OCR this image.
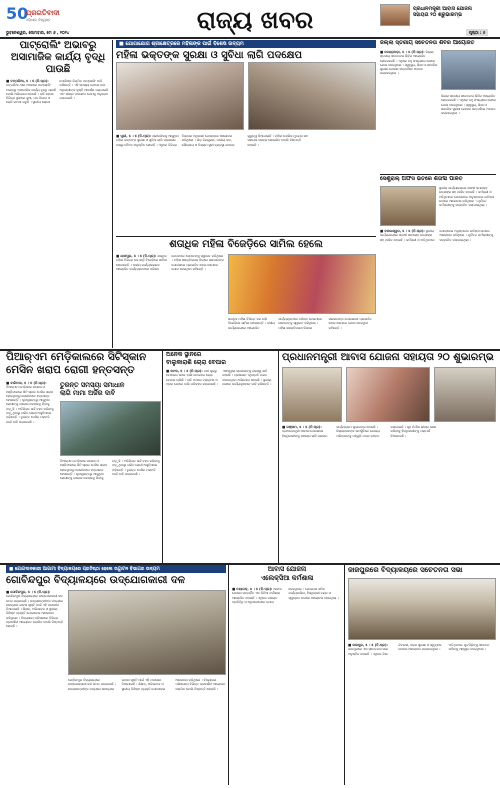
50
ପ୍ରଗତିବାଦୀ
ଓଡ଼ିଶାର ବିଶ୍ୱସ୍ତ
ଭୁବନେଶ୍ୱର, ସୋମବାର, ମେ ୬ , ୨୦୨୪	ରାଜ୍ୟ ଖବର	ପ୍ରଧାନମନ୍ତ୍ରୀ ଆବାସ ଯୋଜନା
ସହାୟତା ୨୦ ଶ୍ରୁଭାରମ୍ଭ
ପୃଷ୍ଠା : ୫
ପାଟ୍ରୋଲିଂ ଅଭାବରୁ
ଅସାମାଜିକ କାର୍ଯ୍ୟ ବୃଦ୍ଧି ପାଉଛି
■ ତତ୍ପରିଆ, ୫ । ୫ (ନି.ପ୍ର): ତତ୍ପରିଆ ଥାନା ଅଞ୍ଚଳରେ ପାଟ୍ରୋଲିଂ ଅଭାବରୁ ଅସାମାଜିକ କାର୍ଯ୍ୟ ବୃଦ୍ଧି ପାଉଛି ବୋଲି ଅଭିଯୋଗ ହୋଇଛି । ରାତି ହେଲେ ବିଭିନ୍ନ ସ୍ଥାନରେ ଜୁଆ, ମଦ ପିଇବା ଓ ଚୋରି ଘଟଣା ଘଟୁଛି । ସ୍ଥାନୀୟ ଲୋକେ ପୋଲିସର ନିୟମିତ ପାଟ୍ରୋଲିଂ ଦାବି କରିଛନ୍ତି । ଏହି ସମସ୍ୟା ଉପରେ ଉଚ୍ଚ ଅଧିକାରୀଙ୍କ ଦୃଷ୍ଟି ଆକର୍ଷଣ କରାଯାଇଛି ଏବଂ ଶୀଘ୍ର ପଦକ୍ଷେପ ନେବାକୁ ଅନୁରୋଧ କରାଯାଇଛି ।
■ ଯୋଗାଯୋଗ ଶ୍ରୀକ୍ଷେତ୍ରରେ ମହିଳାଙ୍କ ପାଇଁ ବିଶେଷ ଉଦ୍ୟମ
ମହିଳା ଭକ୍ତଙ୍କ ସୁରକ୍ଷା ଓ ସୁବିଧା ଲାଗି ପଦକ୍ଷେପ
■ ପୁରୀ, ୫ । ୫ (ନି.ପ୍ର): ଶ୍ରୀମନ୍ଦିରକୁ ଆସୁଥିବା ମହିଳା ଭକ୍ତଙ୍କ ସୁରକ୍ଷା ଓ ସୁବିଧା ଲାଗି ପ୍ରଶାସନ ପକ୍ଷରୁ ବୈଠକ ଅନୁଷ୍ଠିତ ହୋଇଛି । ଏଥିରେ ବିଭିନ୍ନ ବିଭାଗର ଅଧିକାରୀ ଯୋଗଦେଇ ଆଲୋଚନା କରିଥିଲେ । ଭିଡ଼ ନିୟନ୍ତ୍ରଣ, ପାନୀୟ ଜଳ, ଶୌଚାଳୟ ଓ ବିଶ୍ରାମ ସ୍ଥଳୀ ବ୍ୟବସ୍ଥା ଉପରେ ଗୁରୁତ୍ୱ ଦିଆଯାଇଛି । ମହିଳା ପୋଲିସ ମୁତୟନ ସହ ସହାୟତା କେନ୍ଦ୍ର ଖୋଲାଯିବ ବୋଲି ନିଷ୍ପତ୍ତି ହୋଇଛି ।
ଜିଲ୍ଲା ସ୍ତରୀୟ ସଚେତନତା ଶିବିର ଆୟୋଜିତ
■ କେନ୍ଦ୍ରାପଡ଼ା, ୫ । ୫ (ନି.ପ୍ର): ଜିଲ୍ଲା ସ୍ତରୀୟ ସଚେତନତା ଶିବିର ଆୟୋଜିତ ହୋଇଯାଇଛି । ଏଥିରେ ବହୁ ସଂଖ୍ୟାରେ ଲୋକେ ଯୋଗ ଦେଇଥିଲେ । ସ୍ୱାସ୍ଥ୍ୟ, ଶିକ୍ଷା ଓ ସାମାଜିକ ସୁରକ୍ଷା ଯୋଜନା ସମ୍ପର୍କରେ ଅବଗତ କରାଯାଇଥିଲା ।
ଜିଲ୍ଲା ସ୍ତରୀୟ ସଚେତନତା ଶିବିର ଆୟୋଜିତ ହୋଇଯାଇଛି । ଏଥିରେ ବହୁ ସଂଖ୍ୟାରେ ଲୋକେ ଯୋଗ ଦେଇଥିଲେ । ସ୍ୱାସ୍ଥ୍ୟ, ଶିକ୍ଷା ଓ ସାମାଜିକ ସୁରକ୍ଷା ଯୋଜନା ସମ୍ପର୍କରେ ଅବଗତ କରାଯାଇଥିଲା ।
ସେଣ୍ଟ୍ରାଲ୍ ଅଫିସ ଭିତରେ ଶତାବ୍ଦୀ ପାଳିତ
■ ବାଲେଶ୍ୱର, ୫ । ୫ (ନି.ପ୍ର): ସ୍ଥାନୀୟ କାର୍ଯ୍ୟାଳୟରେ ଶତାବ୍ଦୀ ସମାରୋହ ଉତ୍ସାହର ସହ ପାଳିତ ହୋଇଛି । କର୍ମଚାରୀ ଓ ଅତିଥିମାନେ ଯୋଗଦେଇ ଅନୁଷ୍ଠାନର ଇତିହାସ ଉପରେ ଆଲୋଚନା କରିଥିଲେ । ପୂର୍ବତନ କର୍ମଚାରୀଙ୍କୁ ସମ୍ମାନିତ କରାଯାଇଥିଲା ।
ସ୍ଥାନୀୟ କାର୍ଯ୍ୟାଳୟରେ ଶତାବ୍ଦୀ ସମାରୋହ ଉତ୍ସାହର ସହ ପାଳିତ ହୋଇଛି । କର୍ମଚାରୀ ଓ ଅତିଥିମାନେ ଯୋଗଦେଇ ଅନୁଷ୍ଠାନର ଇତିହାସ ଉପରେ ଆଲୋଚନା କରିଥିଲେ । ପୂର୍ବତନ କର୍ମଚାରୀଙ୍କୁ ସମ୍ମାନିତ କରାଯାଇଥିଲା ।
ଶତାଧିକ ମହିଳା ବିଜେଡ଼ିରେ ସାମିଲ ହେଲେ
■ ଯାଜପୁର, ୫ । ୫ (ନି.ପ୍ର): ଶତାଧିକ ମହିଳା ବିଭିନ୍ନ ଦଳ ଛାଡ଼ି ବିଜେଡ଼ିରେ ସାମିଲ ହୋଇଛନ୍ତି । ଦଳୀୟ କାର୍ଯ୍ୟାଳୟରେ ଆୟୋଜିତ କାର୍ଯ୍ୟକ୍ରମରେ ବରିଷ୍ଠ ନେତାମାନେ ସେମାନଙ୍କୁ ସ୍ୱାଗତ କରିଥିଲେ । ମହିଳା ସଶକ୍ତିକରଣ ଦିଗରେ ସରକାରଙ୍କ ଯୋଜନାରେ ପ୍ରଭାବିତ ହୋଇ ସେମାନେ ଯୋଗ ଦେଇଥିବା କହିଛନ୍ତି ।
ଶତାଧିକ ମହିଳା ବିଭିନ୍ନ ଦଳ ଛାଡ଼ି ବିଜେଡ଼ିରେ ସାମିଲ ହୋଇଛନ୍ତି । ଦଳୀୟ କାର୍ଯ୍ୟାଳୟରେ ଆୟୋଜିତ କାର୍ଯ୍ୟକ୍ରମରେ ବରିଷ୍ଠ ନେତାମାନେ ସେମାନଙ୍କୁ ସ୍ୱାଗତ କରିଥିଲେ । ମହିଳା ସଶକ୍ତିକରଣ ଦିଗରେ ସରକାରଙ୍କ ଯୋଜନାରେ ପ୍ରଭାବିତ ହୋଇ ସେମାନେ ଯୋଗ ଦେଇଥିବା କହିଛନ୍ତି ।
ପିଆର୍‌ଏମ ମେଡ଼ିକାଲରେ ସିଟିସ୍କାନ
ମେସିନ ଖରାପ ରୋଗୀ ହନ୍ତସନ୍ତ
■ ବାରିପଦା, ୫ । ୫ (ନି.ପ୍ର): ପିଆର୍‌ଏମ ମେଡ଼ିକାଲ କଲେଜ ଓ ହସ୍ପିଟାଲରେ ସିଟି ସ୍କାନ ମେସିନ ଖରାପ ହୋଇଥିବାରୁ ରୋଗୀମାନେ ହନ୍ତସନ୍ତ ହେଉଛନ୍ତି । ଦୂରଦୂରାନ୍ତରୁ ଆସୁଥିବା ରୋଗୀଙ୍କୁ ଘରୋଇ କେନ୍ଦ୍ରକୁ ଯିବାକୁ ପଡ଼ୁଛି । ଅତିରିକ୍ତ ଖର୍ଚ୍ଚ ବହନ କରିବାକୁ ପଡ଼ୁଥିବାରୁ ଗରିବ ରୋଗୀ ଅସୁବିଧାରେ ପଡ଼ିଛନ୍ତି । ତୁରନ୍ତ ମେସିନ ମରାମତି ପାଇଁ ଦାବି କରାଯାଇଛି ।
ତୁରନ୍ତ ସମସ୍ୟା ସମାଧାନ
ଲାଗି ମାମା ଅର୍ଜିର ଦାବି
ପିଆର୍‌ଏମ ମେଡ଼ିକାଲ କଲେଜ ଓ ହସ୍ପିଟାଲରେ ସିଟି ସ୍କାନ ମେସିନ ଖରାପ ହୋଇଥିବାରୁ ରୋଗୀମାନେ ହନ୍ତସନ୍ତ ହେଉଛନ୍ତି । ଦୂରଦୂରାନ୍ତରୁ ଆସୁଥିବା ରୋଗୀଙ୍କୁ ଘରୋଇ କେନ୍ଦ୍ରକୁ ଯିବାକୁ ପଡ଼ୁଛି । ଅତିରିକ୍ତ ଖର୍ଚ୍ଚ ବହନ କରିବାକୁ ପଡ଼ୁଥିବାରୁ ଗରିବ ରୋଗୀ ଅସୁବିଧାରେ ପଡ଼ିଛନ୍ତି । ତୁରନ୍ତ ମେସିନ ମରାମତି ପାଇଁ ଦାବି କରାଯାଇଛି ।
ଅନେକ ସ୍ଥାନରେ
ବାଲୁକାରାଶି ଚୋରା ବେପାର
■ କଟକ, ୫ । ୫ (ନି.ପ୍ର): ନଦୀ କୂଳରୁ ବେଆଇନ ଭାବେ ବାଲି ଉଠାଯାଇ ଚୋରା ବେପାର ଚାଲିଛି । ରାତି ଅଧରେ ଟ୍ରାକ୍ଟର ଓ ଟ୍ରକ ଯୋଗେ ବାଲି ପରିବହନ କରାଯାଉଛି । ଏହାଦ୍ୱାରା ସରକାରଙ୍କୁ ରାଜସ୍ୱ କ୍ଷତି ହେଉଛି । ପ୍ରଶାସନ ଏଥିପ୍ରତି ନଜର ଦେଉନଥିବା ଅଭିଯୋଗ ହୋଇଛି । ସ୍ଥାନୀୟ ଲୋକେ କାର୍ଯ୍ୟାନୁଷ୍ଠାନ ଦାବି କରିଛନ୍ତି ।
ପ୍ରଧାନମନ୍ତ୍ରୀ ଆବାସ ଯୋଜନା ସହାୟତା ୨୦ ଶୁଭାରମ୍ଭ
■ ଗଞ୍ଜାମ, ୫ । ୫ (ନି.ପ୍ର): ପ୍ରଧାନମନ୍ତ୍ରୀ ଆବାସ ଯୋଜନାରେ ହିତାଧିକାରୀଙ୍କୁ ସହାୟତା ରାଶି ପ୍ରଦାନ କାର୍ଯ୍ୟକ୍ରମ ଶୁଭାରମ୍ଭ ହୋଇଛି । ଜିଲ୍ଲାପାଳଙ୍କ ଉପସ୍ଥିତିରେ ଯୋଗ୍ୟ ପରିବାରଙ୍କୁ ମଞ୍ଜୁରି ପତ୍ର ବଣ୍ଟନ କରାଯାଇଛି । ଗୃହ ନିର୍ମାଣ ଶୀଘ୍ର ଶେଷ କରିବାକୁ ହିତାଧିକାରୀଙ୍କୁ ପରାମର୍ଶ ଦିଆଯାଇଛି ।
■ ଯୋଗଦାନକାରୀ ଆଗାମୀ ବିଦ୍ୟାଳୟରେ ପ୍ରତିଷ୍ଠା ହେଲେ ଉଦ୍ଘାଟନ ବିଭାଗର ଉଦ୍ୟମ
ଗୋବିନ୍ଦପୁର ବିଦ୍ୟାଳୟରେ ଉଦ୍‌ଯୋଗକାରୀ ଦଳ
■ ଗୋବିନ୍ଦପୁର, ୫ । ୫ (ନି.ପ୍ର): ଗୋବିନ୍ଦପୁର ବିଦ୍ୟାଳୟରେ ଉଦ୍‌ଯୋଗକାରୀ ଦଳ ଗଠନ କରାଯାଇଛି । ଛାତ୍ରଛାତ୍ରୀଙ୍କ ମଧ୍ୟରେ ଉଦ୍ୟୋଗ ଭାବନା ସୃଷ୍ଟି ପାଇଁ ଏହି ପଦକ୍ଷେପ ନିଆଯାଇଛି । ଶିକ୍ଷକ, ଅଭିଭାବକ ଓ ସ୍ଥାନୀୟ ବିଶିଷ୍ଟ ବ୍ୟକ୍ତି ଯୋଗଦେଇ ଆଲୋଚନା କରିଥିଲେ । ବିଦ୍ୟାଳୟ ପରିସରରେ ବିଭିନ୍ନ ପ୍ରଦର୍ଶନୀ ଆୟୋଜନ କରାଯିବ ବୋଲି ନିଷ୍ପତ୍ତି ହୋଇଛି ।
ଗୋବିନ୍ଦପୁର ବିଦ୍ୟାଳୟରେ ଉଦ୍‌ଯୋଗକାରୀ ଦଳ ଗଠନ କରାଯାଇଛି । ଛାତ୍ରଛାତ୍ରୀଙ୍କ ମଧ୍ୟରେ ଉଦ୍ୟୋଗ ଭାବନା ସୃଷ୍ଟି ପାଇଁ ଏହି ପଦକ୍ଷେପ ନିଆଯାଇଛି । ଶିକ୍ଷକ, ଅଭିଭାବକ ଓ ସ୍ଥାନୀୟ ବିଶିଷ୍ଟ ବ୍ୟକ୍ତି ଯୋଗଦେଇ ଆଲୋଚନା କରିଥିଲେ । ବିଦ୍ୟାଳୟ ପରିସରରେ ବିଭିନ୍ନ ପ୍ରଦର୍ଶନୀ ଆୟୋଜନ କରାଯିବ ବୋଲି ନିଷ୍ପତ୍ତି ହୋଇଛି ।
ଆବାସ ଯୋଜନା
ଏଲେକ୍‌ସିଆ କର୍ମଶାଳା
■ ନୟାଗଡ଼, ୫ । ୫ (ନି.ପ୍ର): ଆବାସ ଯୋଜନା ସମ୍ପର୍କିତ ଏକ ଦିନିଆ କର୍ମଶାଳା ଆୟୋଜିତ ହୋଇଛି । ଏଥିରେ ପଞ୍ଚାୟତ ପ୍ରତିନିଧି ଓ ଅଧିକାରୀମାନେ ଯୋଗ ଦେଇଥିଲେ । ଯୋଜନାର ସଠିକ କାର୍ଯ୍ୟକାରିତା, ହିତାଧିକାରୀ ଚୟନ ଓ ସ୍ୱଚ୍ଛତା ଉପରେ ଆଲୋଚନା ହୋଇଥିଲା ।
ଜାଜପୁରରେ ବିଦ୍ୟାଳୟରେ ସଚେତନତା ସଭା
■ ଜାଜପୁର, ୫ । ୫ (ନି.ପ୍ର): ଜାଜପୁରରେ ଏକ ସଚେତନତା ସଭା ଅନୁଷ୍ଠିତ ହୋଇଛି । ଏଥିରେ ନିଶା ନିବାରଣ, ସଡ଼କ ସୁରକ୍ଷା ଓ ସ୍ୱଚ୍ଛତା ଉପରେ ଆଲୋଚନା କରାଯାଇଥିଲା । ଅତିଥିମାନେ ଯୁବପିଢ଼ିଙ୍କୁ ସଚେତନ ରହିବାକୁ ଆହ୍ୱାନ ଦେଇଥିଲେ ।
